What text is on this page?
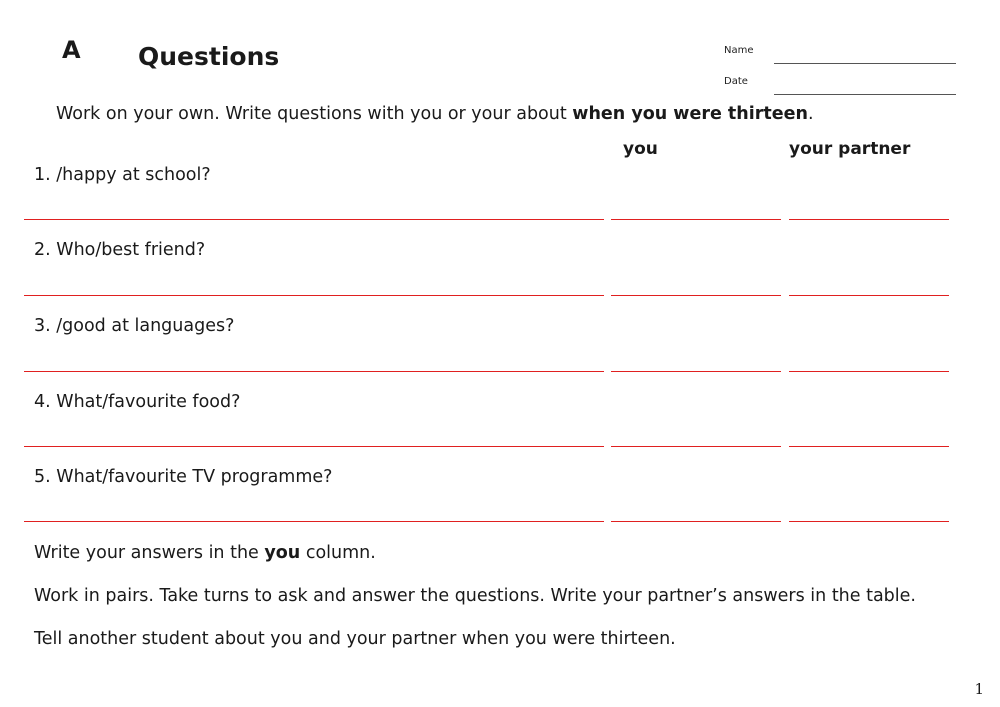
A Questions	Name
Date
Work on your own. Write questions with you or your about when you were thirteen.
you	your partner
1. /happy at school?
2. Who/best friend?
3. /good at languages?
4. What/favourite food?
5. What/favourite TV programme?
Write your answers in the you column.
Work in pairs. Take turns to ask and answer the questions. Write your partner’s answers in the table.
Tell another student about you and your partner when you were thirteen.
1
